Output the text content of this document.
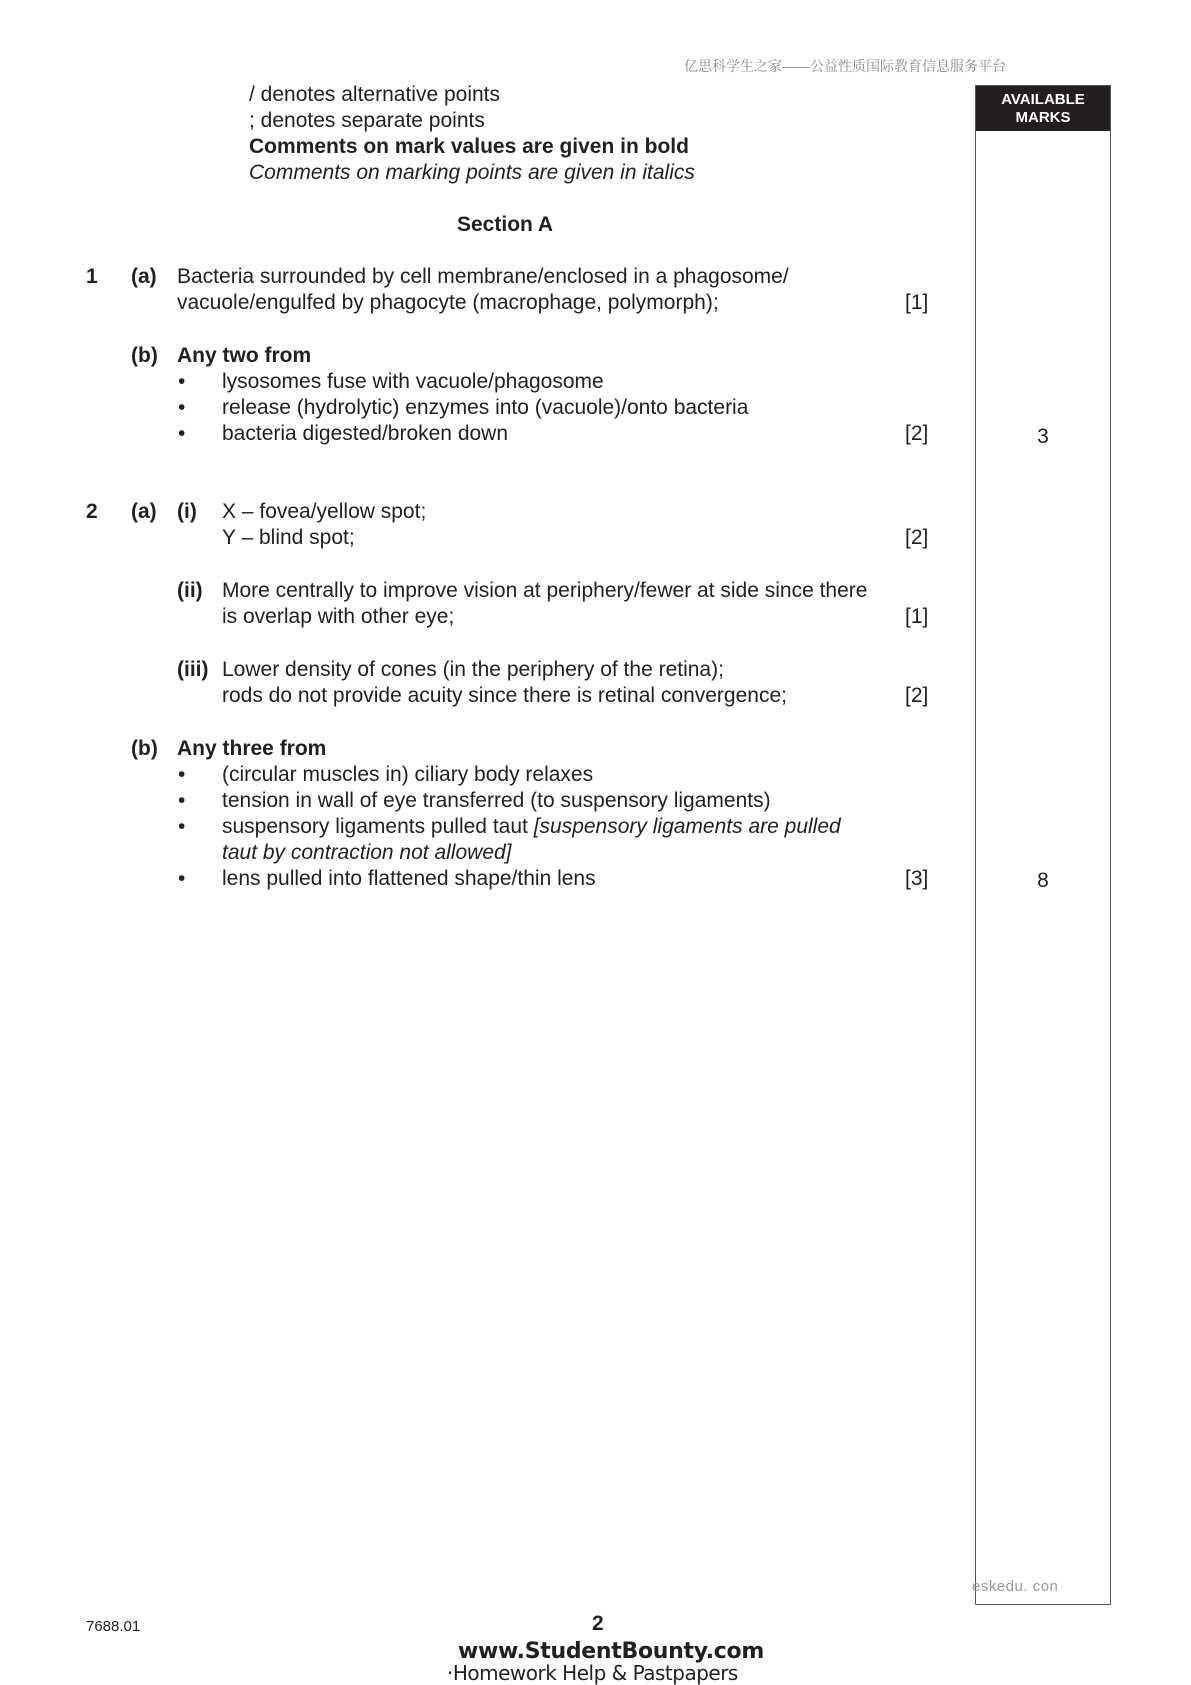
亿思科学生之家——公益性质国际教育信息服务平台
AVAILABLE
MARKS
/ denotes alternative points
; denotes separate points
Comments on mark values are given in bold
Comments on marking points are given in italics
Section A
1 (a) Bacteria surrounded by cell membrane/enclosed in a phagosome/
vacuole/engulfed by phagocyte (macrophage, polymorph);	[1]
(b) Any two from
• lysosomes fuse with vacuole/phagosome
• release (hydrolytic) enzymes into (vacuole)/onto bacteria
• bacteria digested/broken down	[2]	3
2 (a) (i) X – fovea/yellow spot;
Y – blind spot;	[2]
(ii) More centrally to improve vision at periphery/fewer at side since there
is overlap with other eye;	[1]
(iii) Lower density of cones (in the periphery of the retina);
rods do not provide acuity since there is retinal convergence;	[2]
(b) Any three from
• (circular muscles in) ciliary body relaxes
• tension in wall of eye transferred (to suspensory ligaments)
• suspensory ligaments pulled taut [suspensory ligaments are pulled
taut by contraction not allowed]
• lens pulled into flattened shape/thin lens	[3]	8
eskedu. con
7688.01	2
www.StudentBounty.com
·Homework Help & Pastpapers
